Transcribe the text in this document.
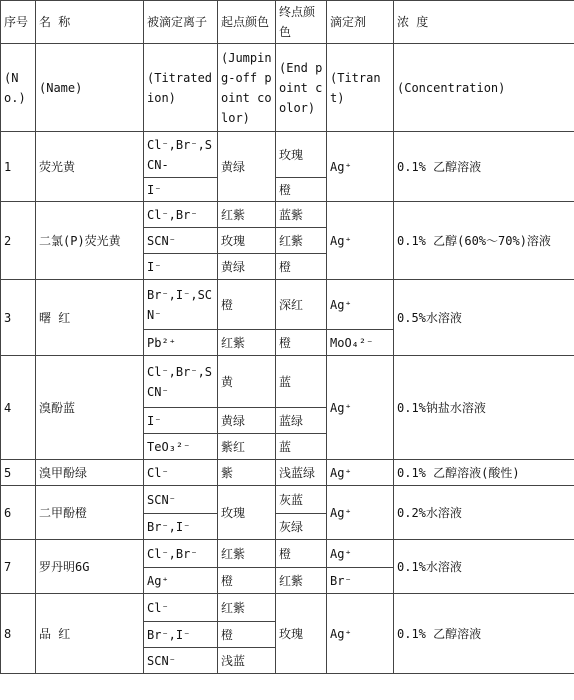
序号	名 称	被滴定离子	起点颜色	终点颜色	滴定剂	浓 度
(No.)	(Name)	(Titrated ion)	(Jumping-off point color)	(End point color)	(Titrant)	(Concentration)
1	荧光黄	Cl⁻,Br⁻,SCN-	黄绿	玫瑰	Ag⁺	0.1% 乙醇溶液
		I⁻		橙		
2	二氯(P)荧光黄	Cl⁻,Br⁻	红紫	蓝紫	Ag⁺	0.1% 乙醇(60%～70%)溶液
		SCN⁻	玫瑰	红紫		
		I⁻	黄绿	橙		
3	曙 红	Br⁻,I⁻,SCN⁻	橙	深红	Ag⁺	0.5%水溶液
		Pb²⁺	红紫	橙	MoO₄²⁻	
4	溴酚蓝	Cl⁻,Br⁻,SCN⁻	黄	蓝	Ag⁺	0.1%钠盐水溶液
		I⁻	黄绿	蓝绿		
		TeO₃²⁻	紫红	蓝		
5	溴甲酚绿	Cl⁻	紫	浅蓝绿	Ag⁺	0.1% 乙醇溶液(酸性)
6	二甲酚橙	SCN⁻	玫瑰	灰蓝	Ag⁺	0.2%水溶液
		Br⁻,I⁻		灰绿		
7	罗丹明6G	Cl⁻,Br⁻	红紫	橙	Ag⁺	0.1%水溶液
		Ag⁺	橙	红紫	Br⁻	
8	品 红	Cl⁻	红紫	玫瑰	Ag⁺	0.1% 乙醇溶液
		Br⁻,I⁻	橙			
		SCN⁻	浅蓝			
